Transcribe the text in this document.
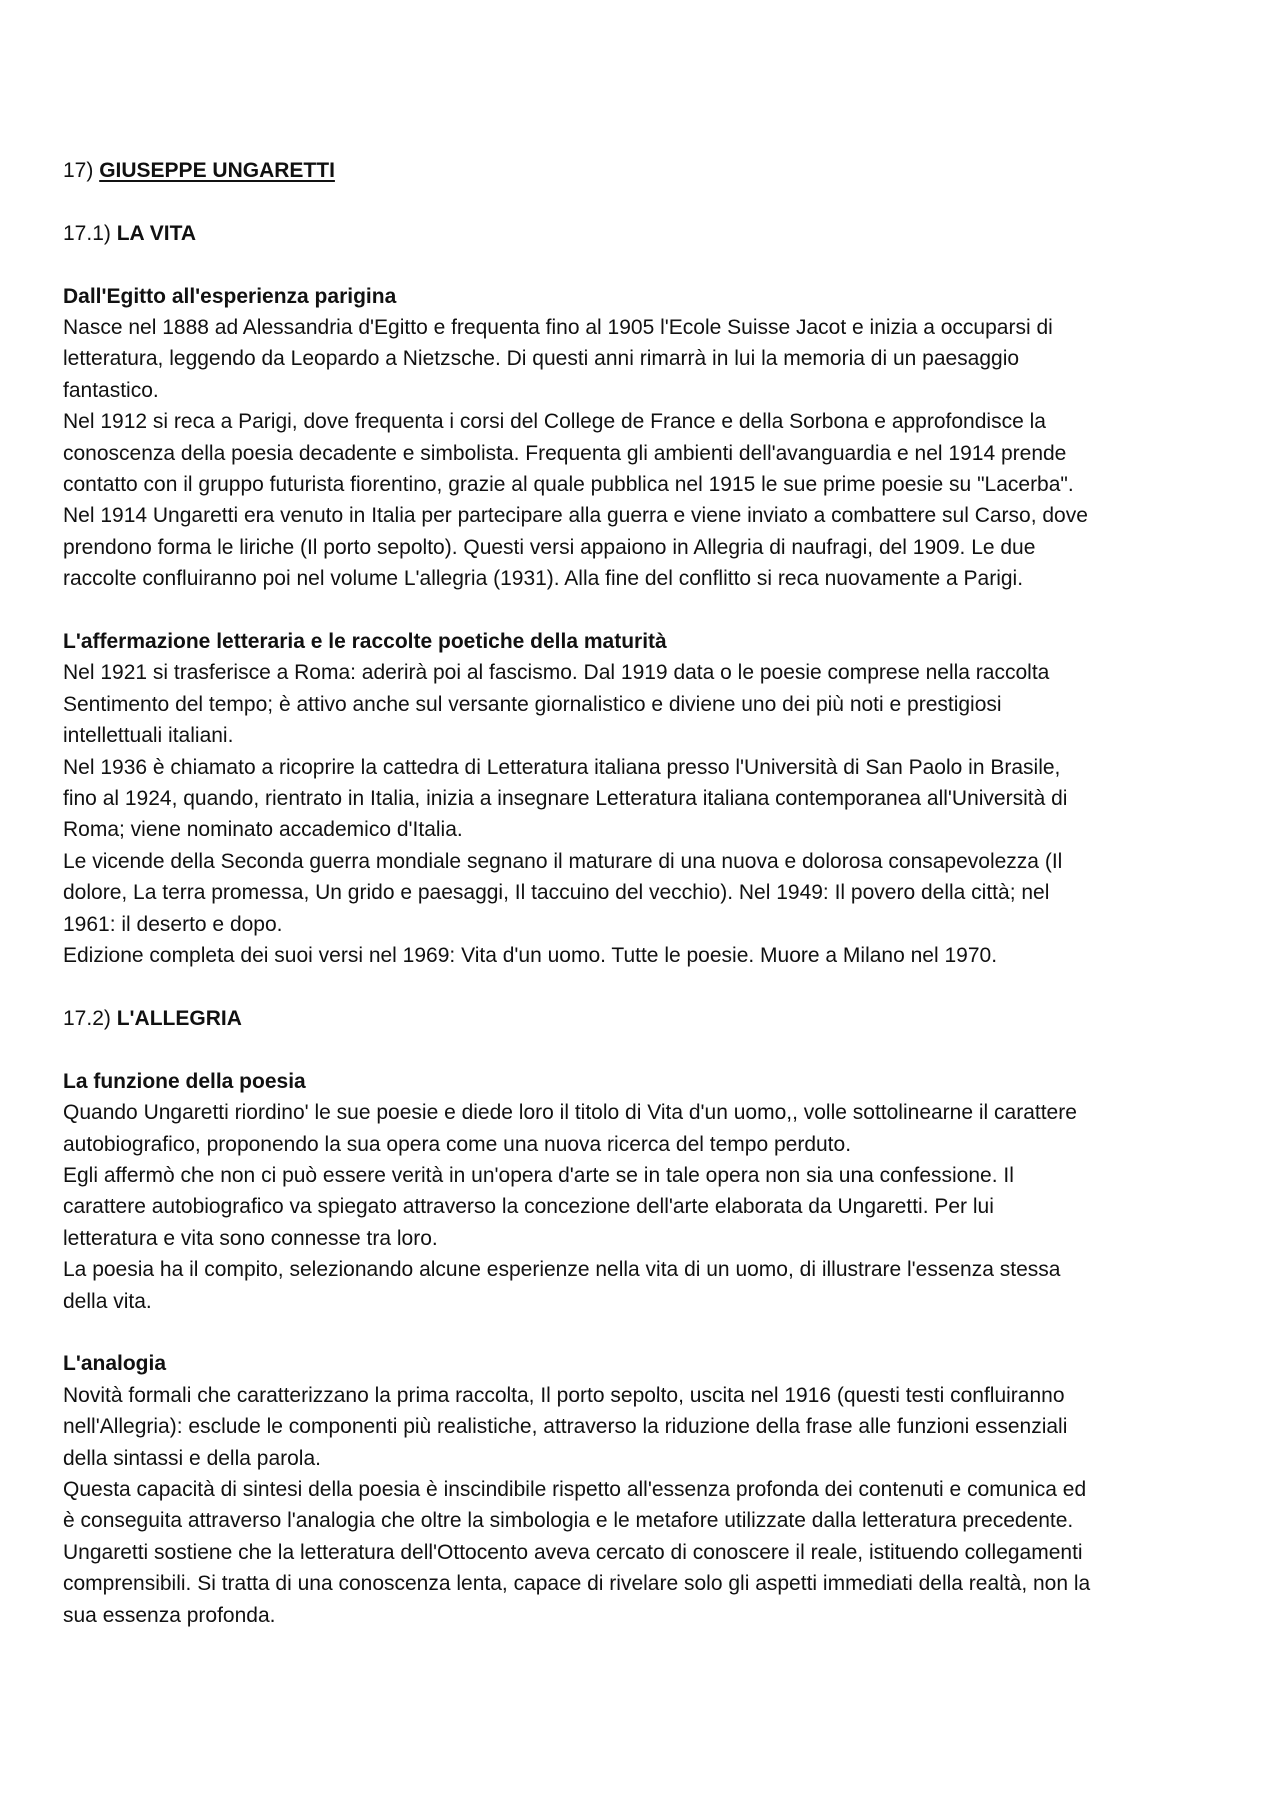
17) GIUSEPPE UNGARETTI
17.1) LA VITA
Dall'Egitto all'esperienza parigina

Nasce nel 1888 ad Alessandria d'Egitto e frequenta fino al 1905 l'Ecole Suisse Jacot e inizia a occuparsi di
letteratura, leggendo da Leopardo a Nietzsche. Di questi anni rimarrà in lui la memoria di un paesaggio
fantastico.

Nel 1912 si reca a Parigi, dove frequenta i corsi del College de France e della Sorbona e approfondisce la
conoscenza della poesia decadente e simbolista. Frequenta gli ambienti dell'avanguardia e nel 1914 prende
contatto con il gruppo futurista fiorentino, grazie al quale pubblica nel 1915 le sue prime poesie su "Lacerba".

Nel 1914 Ungaretti era venuto in Italia per partecipare alla guerra e viene inviato a combattere sul Carso, dove
prendono forma le liriche (Il porto sepolto). Questi versi appaiono in Allegria di naufragi, del 1909. Le due
raccolte confluiranno poi nel volume L'allegria (1931). Alla fine del conflitto si reca nuovamente a Parigi.

L'affermazione letteraria e le raccolte poetiche della maturità

Nel 1921 si trasferisce a Roma: aderirà poi al fascismo. Dal 1919 data o le poesie comprese nella raccolta
Sentimento del tempo; è attivo anche sul versante giornalistico e diviene uno dei più noti e prestigiosi
intellettuali italiani.

Nel 1936 è chiamato a ricoprire la cattedra di Letteratura italiana presso l'Università di San Paolo in Brasile,
fino al 1924, quando, rientrato in Italia, inizia a insegnare Letteratura italiana contemporanea all'Università di
Roma; viene nominato accademico d'Italia.

Le vicende della Seconda guerra mondiale segnano il maturare di una nuova e dolorosa consapevolezza (Il
dolore, La terra promessa, Un grido e paesaggi, Il taccuino del vecchio). Nel 1949: Il povero della città; nel
1961: il deserto e dopo.

Edizione completa dei suoi versi nel 1969: Vita d'un uomo. Tutte le poesie. Muore a Milano nel 1970.

17.2) L'ALLEGRIA
La funzione della poesia

Quando Ungaretti riordino' le sue poesie e diede loro il titolo di Vita d'un uomo,, volle sottolinearne il carattere
autobiografico, proponendo la sua opera come una nuova ricerca del tempo perduto.

Egli affermò che non ci può essere verità in un'opera d'arte se in tale opera non sia una confessione. Il
carattere autobiografico va spiegato attraverso la concezione dell'arte elaborata da Ungaretti. Per lui
letteratura e vita sono connesse tra loro.

La poesia ha il compito, selezionando alcune esperienze nella vita di un uomo, di illustrare l'essenza stessa
della vita.

L'analogia

Novità formali che caratterizzano la prima raccolta, Il porto sepolto, uscita nel 1916 (questi testi confluiranno
nell'Allegria): esclude le componenti più realistiche, attraverso la riduzione della frase alle funzioni essenziali
della sintassi e della parola.

Questa capacità di sintesi della poesia è inscindibile rispetto all'essenza profonda dei contenuti e comunica ed
è conseguita attraverso l'analogia che oltre la simbologia e le metafore utilizzate dalla letteratura precedente.
Ungaretti sostiene che la letteratura dell'Ottocento aveva cercato di conoscere il reale, istituendo collegamenti
comprensibili. Si tratta di una conoscenza lenta, capace di rivelare solo gli aspetti immediati della realtà, non la
sua essenza profonda.
